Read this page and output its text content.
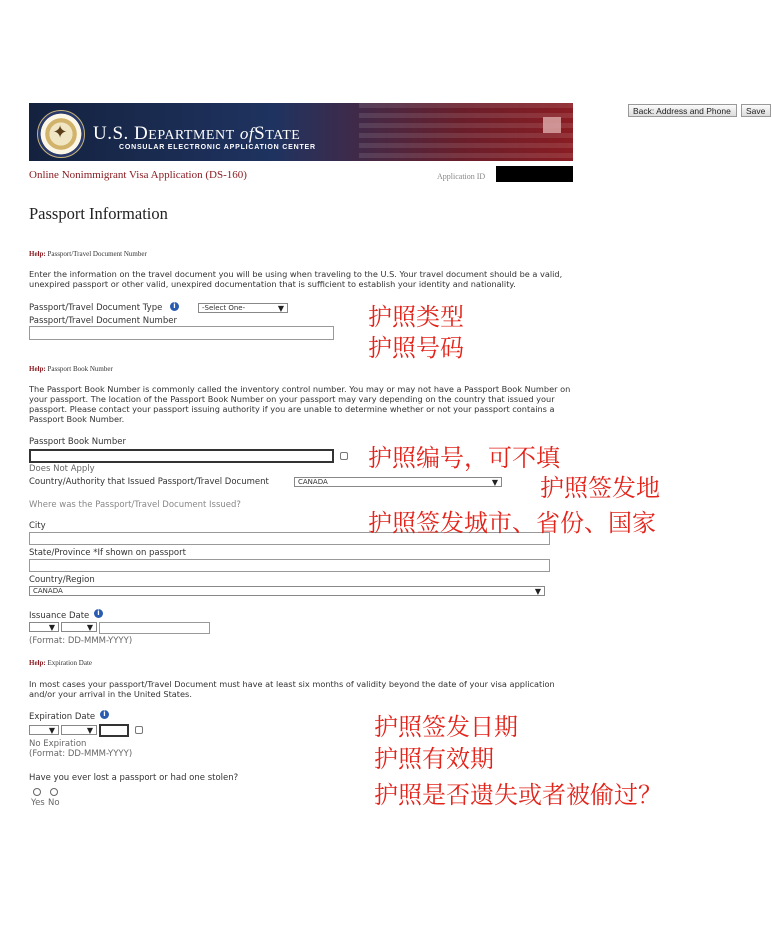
Back: Address and Phone	Save
✦ U.S. DEPARTMENT ofSTATE
CONSULAR ELECTRONIC APPLICATION CENTER
Online Nonimmigrant Visa Application (DS-160)	Application ID
Passport Information
Help: Passport/Travel Document Number
Enter the information on the travel document you will be using when traveling to the U.S. Your travel document should be a valid, unexpired passport or other valid, unexpired documentation that is sufficient to establish your identity and nationality.
Passport/Travel Document Type	i	-Select One-	▼
Passport/Travel Document Number
Help: Passport Book Number
The Passport Book Number is commonly called the inventory control number. You may or may not have a Passport Book Number on your passport. The location of the Passport Book Number on your passport may vary depending on the country that issued your passport. Please contact your passport issuing authority if you are unable to determine whether or not your passport contains a Passport Book Number.
Passport Book Number
Does Not Apply
Country/Authority that Issued Passport/Travel Document	CANADA	▼
Where was the Passport/Travel Document Issued?
City
State/Province *If shown on passport
Country/Region
CANADA	▼
Issuance Date	i
▼	▼
(Format: DD-MMM-YYYY)
Help: Expiration Date
In most cases your passport/Travel Document must have at least six months of validity beyond the date of your visa application and/or your arrival in the United States.
Expiration Date	i
▼	▼
No Expiration
(Format: DD-MMM-YYYY)
Have you ever lost a passport or had one stolen?
Yes No
护照类型
护照号码
护照编号，可不填
护照签发地
护照签发城市、省份、国家
护照签发日期
护照有效期
护照是否遗失或者被偷过？
